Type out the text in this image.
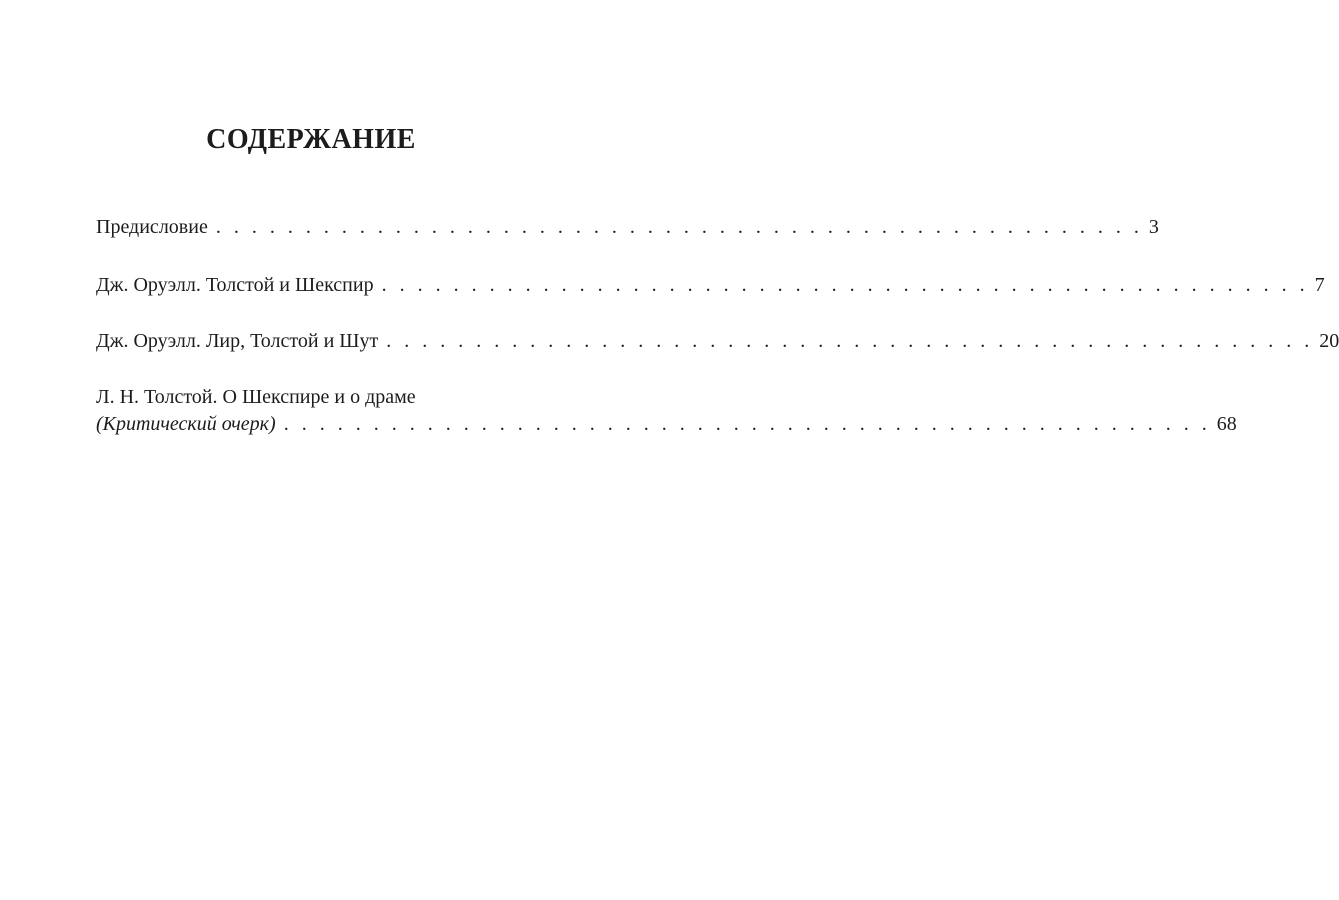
СОДЕРЖАНИЕ
Предисловие . . . . . . . . . . . . . . . . . . . . . . . . . . . . . . . . . . . . . . . . . . . . . . . . . . . . 3
Дж. Оруэлл. Толстой и Шекспир . . . . . . . . . . . . . . . . . . . . . . . . . . . . . . . . . . . . . . . . . . . . . . . . . . . . 7
Дж. Оруэлл. Лир, Толстой и Шут . . . . . . . . . . . . . . . . . . . . . . . . . . . . . . . . . . . . . . . . . . . . . . . . . . . . 20
Л. Н. Толстой. О Шекспире и о драме
(Критический очерк) . . . . . . . . . . . . . . . . . . . . . . . . . . . . . . . . . . . . . . . . . . . . . . . . . . . . 68
